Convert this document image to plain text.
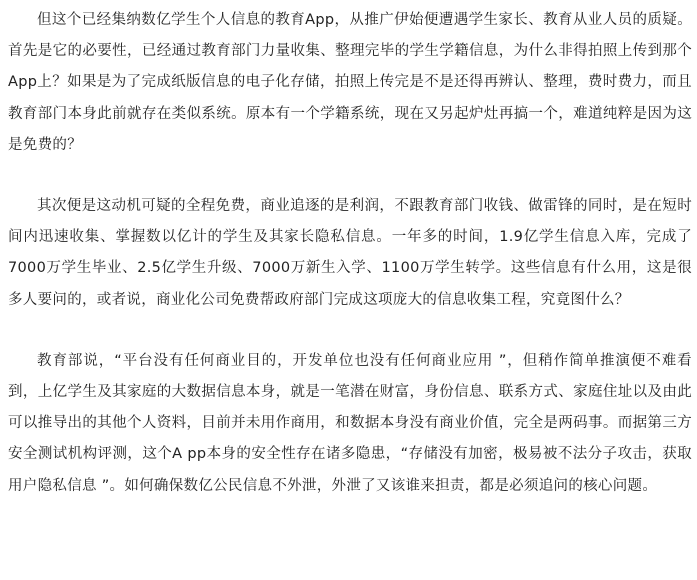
但这个已经集纳数亿学生个人信息的教育App，从推广伊始便遭遇学生家长、教育从业人员的质疑。首先是它的必要性，已经通过教育部门力量收集、整理完毕的学生学籍信息，为什么非得拍照上传到那个App上？如果是为了完成纸版信息的电子化存储，拍照上传完是不是还得再辨认、整理，费时费力，而且教育部门本身此前就存在类似系统。原本有一个学籍系统，现在又另起炉灶再搞一个，难道纯粹是因为这是免费的？

其次便是这动机可疑的全程免费，商业追逐的是利润，不跟教育部门收钱、做雷锋的同时，是在短时间内迅速收集、掌握数以亿计的学生及其家长隐私信息。一年多的时间，1.9亿学生信息入库，完成了7000万学生毕业、2.5亿学生升级、7000万新生入学、1100万学生转学。这些信息有什么用，这是很多人要问的，或者说，商业化公司免费帮政府部门完成这项庞大的信息收集工程，究竟图什么？

教育部说，“平台没有任何商业目的，开发单位也没有任何商业应用 ”，但稍作简单推演便不难看到，上亿学生及其家庭的大数据信息本身，就是一笔潜在财富，身份信息、联系方式、家庭住址以及由此可以推导出的其他个人资料，目前并未用作商用，和数据本身没有商业价值，完全是两码事。而据第三方安全测试机构评测，这个A pp本身的安全性存在诸多隐患，“存储没有加密，极易被不法分子攻击，获取用户隐私信息 ”。如何确保数亿公民信息不外泄，外泄了又该谁来担责，都是必须追问的核心问题。
